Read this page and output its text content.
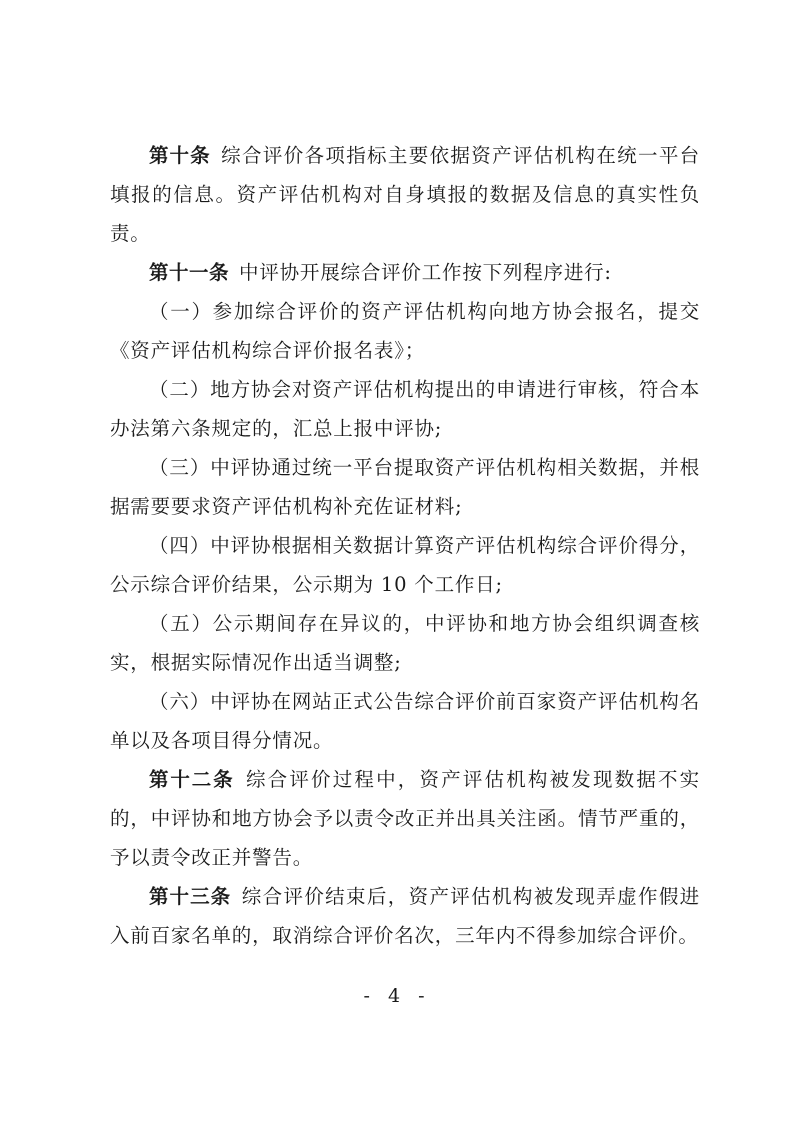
第十条 综合评价各项指标主要依据资产评估机构在统一平台填报的信息。资产评估机构对自身填报的数据及信息的真实性负责。

第十一条 中评协开展综合评价工作按下列程序进行:

（一）参加综合评价的资产评估机构向地方协会报名，提交《资产评估机构综合评价报名表》；

（二）地方协会对资产评估机构提出的申请进行审核，符合本办法第六条规定的，汇总上报中评协;

（三）中评协通过统一平台提取资产评估机构相关数据，并根据需要要求资产评估机构补充佐证材料;

（四）中评协根据相关数据计算资产评估机构综合评价得分，公示综合评价结果，公示期为 10 个工作日;

（五）公示期间存在异议的，中评协和地方协会组织调查核实，根据实际情况作出适当调整;

（六）中评协在网站正式公告综合评价前百家资产评估机构名单以及各项目得分情况。

第十二条 综合评价过程中，资产评估机构被发现数据不实的，中评协和地方协会予以责令改正并出具关注函。情节严重的，予以责令改正并警告。

第十三条 综合评价结束后，资产评估机构被发现弄虚作假进入前百家名单的，取消综合评价名次，三年内不得参加综合评价。

- 4 -
